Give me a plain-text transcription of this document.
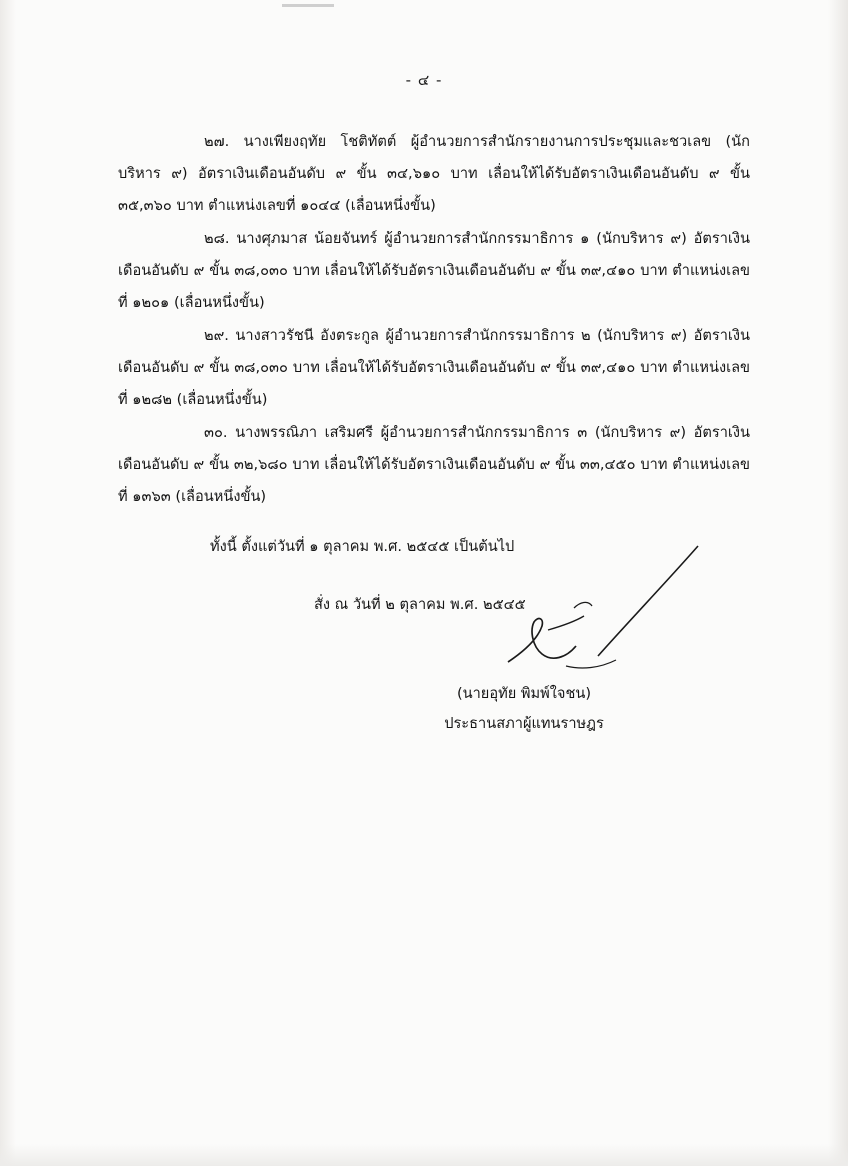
- ๔ -

๒๗. นางเพียงฤทัย โชติทัตต์ ผู้อำนวยการสำนักรายงานการประชุมและชวเลข (นักบริหาร ๙) อัตราเงินเดือนอันดับ ๙ ขั้น ๓๔,๖๑๐ บาท เลื่อนให้ได้รับอัตราเงินเดือนอันดับ ๙ ขั้น ๓๕,๓๖๐ บาท ตำแหน่งเลขที่ ๑๐๔๔ (เลื่อนหนึ่งขั้น)

๒๘. นางศุภมาส น้อยจันทร์ ผู้อำนวยการสำนักกรรมาธิการ ๑ (นักบริหาร ๙) อัตราเงินเดือนอันดับ ๙ ขั้น ๓๘,๐๓๐ บาท เลื่อนให้ได้รับอัตราเงินเดือนอันดับ ๙ ขั้น ๓๙,๔๑๐ บาท ตำแหน่งเลขที่ ๑๒๐๑ (เลื่อนหนึ่งขั้น)

๒๙. นางสาวรัชนี อังตระกูล ผู้อำนวยการสำนักกรรมาธิการ ๒ (นักบริหาร ๙) อัตราเงินเดือนอันดับ ๙ ขั้น ๓๘,๐๓๐ บาท เลื่อนให้ได้รับอัตราเงินเดือนอันดับ ๙ ขั้น ๓๙,๔๑๐ บาท ตำแหน่งเลขที่ ๑๒๘๒ (เลื่อนหนึ่งขั้น)

๓๐. นางพรรณิภา เสริมศรี ผู้อำนวยการสำนักกรรมาธิการ ๓ (นักบริหาร ๙) อัตราเงินเดือนอันดับ ๙ ขั้น ๓๒,๖๘๐ บาท เลื่อนให้ได้รับอัตราเงินเดือนอันดับ ๙ ขั้น ๓๓,๔๕๐ บาท ตำแหน่งเลขที่ ๑๓๖๓ (เลื่อนหนึ่งขั้น)

ทั้งนี้ ตั้งแต่วันที่ ๑ ตุลาคม พ.ศ. ๒๕๔๕ เป็นต้นไป

สั่ง ณ วันที่ ๒ ตุลาคม พ.ศ. ๒๕๔๕

(นายอุทัย พิมพ์ใจชน)
ประธานสภาผู้แทนราษฎร
